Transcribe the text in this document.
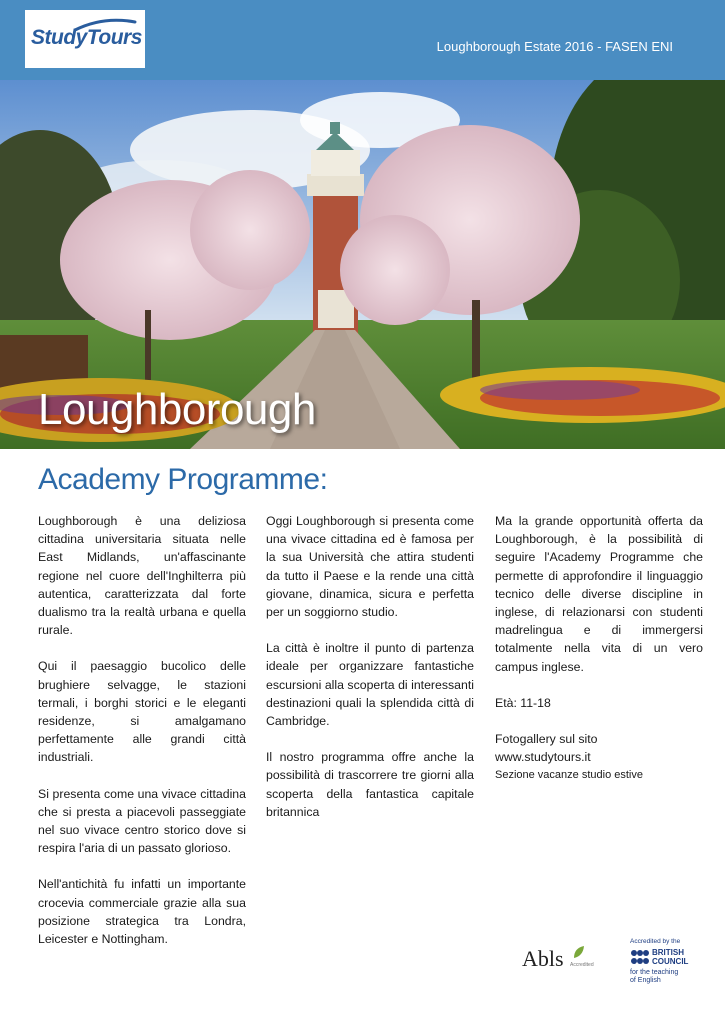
StudyTours	Loughborough Estate 2016 - FASEN ENI
Loughborough
Academy Programme:

Loughborough è una deliziosa cittadina universitaria situata nelle East Midlands, un'affascinante regione nel cuore dell'Inghilterra più autentica, caratterizzata dal forte dualismo tra la realtà urbana e quella rurale.

Qui il paesaggio bucolico delle brughiere selvagge, le stazioni termali, i borghi storici e le eleganti residenze, si amalgamano perfettamente alle grandi città industriali.

Si presenta come una vivace cittadina che si presta a piacevoli passeggiate nel suo vivace centro storico dove si respira l'aria di un passato glorioso.

Nell'antichità fu infatti un importante crocevia commerciale grazie alla sua posizione strategica tra Londra, Leicester e Nottingham.

Oggi Loughborough si presenta come una vivace cittadina ed è famosa per la sua Università che attira studenti da tutto il Paese e la rende una città giovane, dinamica, sicura e perfetta per un soggiorno studio.

La città è inoltre il punto di partenza ideale per organizzare fantastiche escursioni alla scoperta di interessanti destinazioni quali la splendida città di Cambridge.

Il nostro programma offre anche la possibilità di trascorrere tre giorni alla scoperta della fantastica capitale britannica

Ma la grande opportunità offerta da Loughborough, è la possibilità di seguire l'Academy Programme che permette di approfondire il linguaggio tecnico delle diverse discipline in inglese, di relazionarsi con studenti madrelingua e di immergersi totalmente nella vita di un vero campus inglese.

Età: 11-18

Fotogallery sul sito
www.studytours.it
Sezione vacanze studio estive
Abls Accredited
Accredited by the
BRITISH
COUNCIL
for the teaching
of English
